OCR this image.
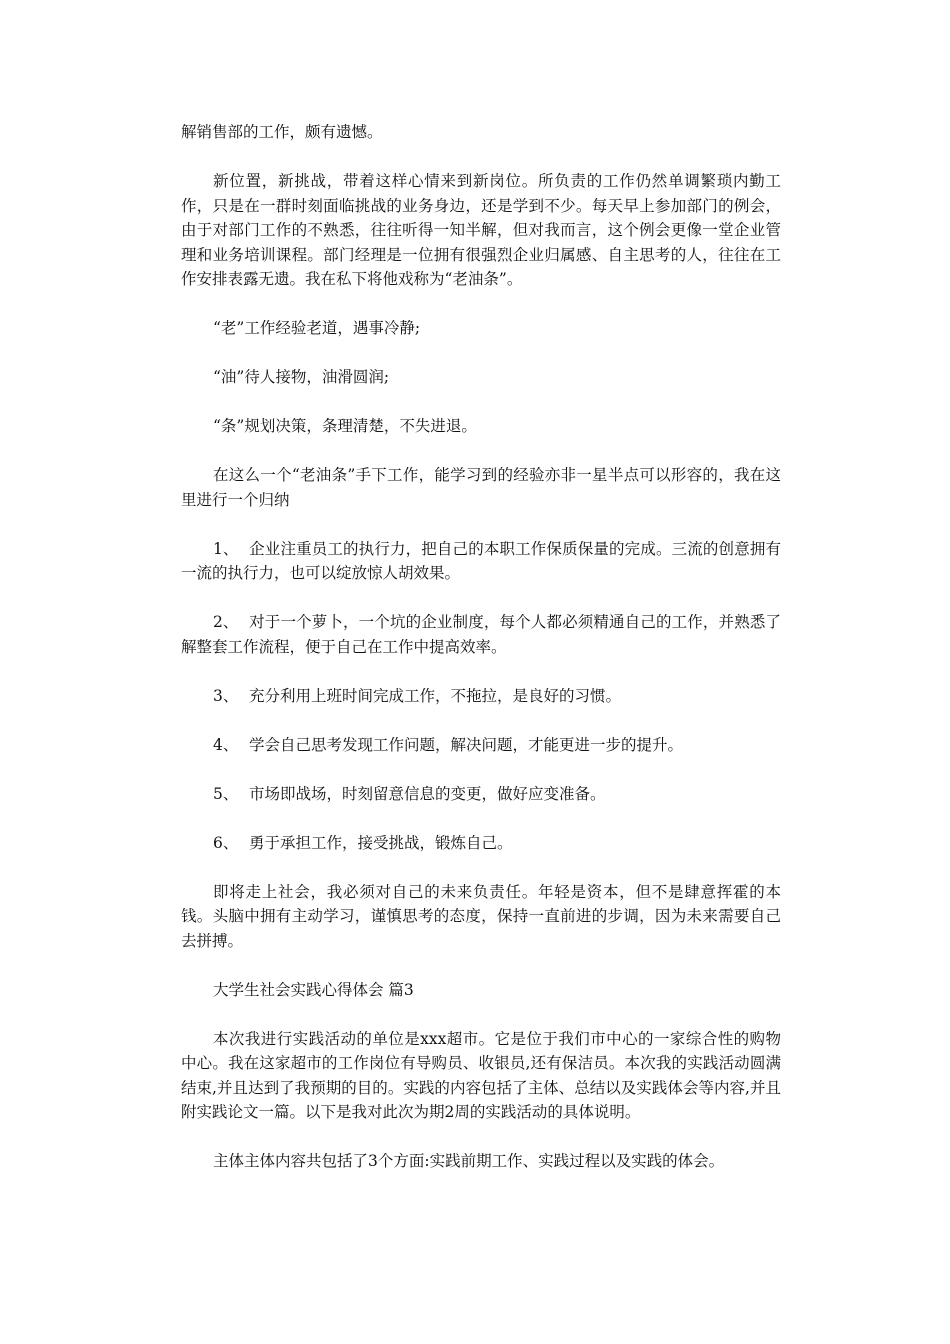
解销售部的工作，颇有遗憾。

新位置，新挑战，带着这样心情来到新岗位。所负责的工作仍然单调繁琐内勤工作，只是在一群时刻面临挑战的业务身边，还是学到不少。每天早上参加部门的例会，由于对部门工作的不熟悉，往往听得一知半解，但对我而言，这个例会更像一堂企业管理和业务培训课程。部门经理是一位拥有很强烈企业归属感、自主思考的人，往往在工作安排表露无遗。我在私下将他戏称为“老油条”。

“老”工作经验老道，遇事冷静;

“油”待人接物，油滑圆润;

“条”规划决策，条理清楚，不失进退。

在这么一个“老油条”手下工作，能学习到的经验亦非一星半点可以形容的，我在这里进行一个归纳

1、 企业注重员工的执行力，把自己的本职工作保质保量的完成。三流的创意拥有一流的执行力，也可以绽放惊人胡效果。

2、 对于一个萝卜，一个坑的企业制度，每个人都必须精通自己的工作，并熟悉了解整套工作流程，便于自己在工作中提高效率。

3、 充分利用上班时间完成工作，不拖拉，是良好的习惯。

4、 学会自己思考发现工作问题，解决问题，才能更进一步的提升。

5、 市场即战场，时刻留意信息的变更，做好应变准备。

6、 勇于承担工作，接受挑战，锻炼自己。

即将走上社会，我必须对自己的未来负责任。年轻是资本，但不是肆意挥霍的本钱。头脑中拥有主动学习，谨慎思考的态度，保持一直前进的步调，因为未来需要自己去拼搏。

大学生社会实践心得体会 篇3

本次我进行实践活动的单位是xxx超市。它是位于我们市中心的一家综合性的购物中心。我在这家超市的工作岗位有导购员、收银员,还有保洁员。本次我的实践活动圆满结束,并且达到了我预期的目的。实践的内容包括了主体、总结以及实践体会等内容,并且附实践论文一篇。以下是我对此次为期2周的实践活动的具体说明。

主体主体内容共包括了3个方面:实践前期工作、实践过程以及实践的体会。
